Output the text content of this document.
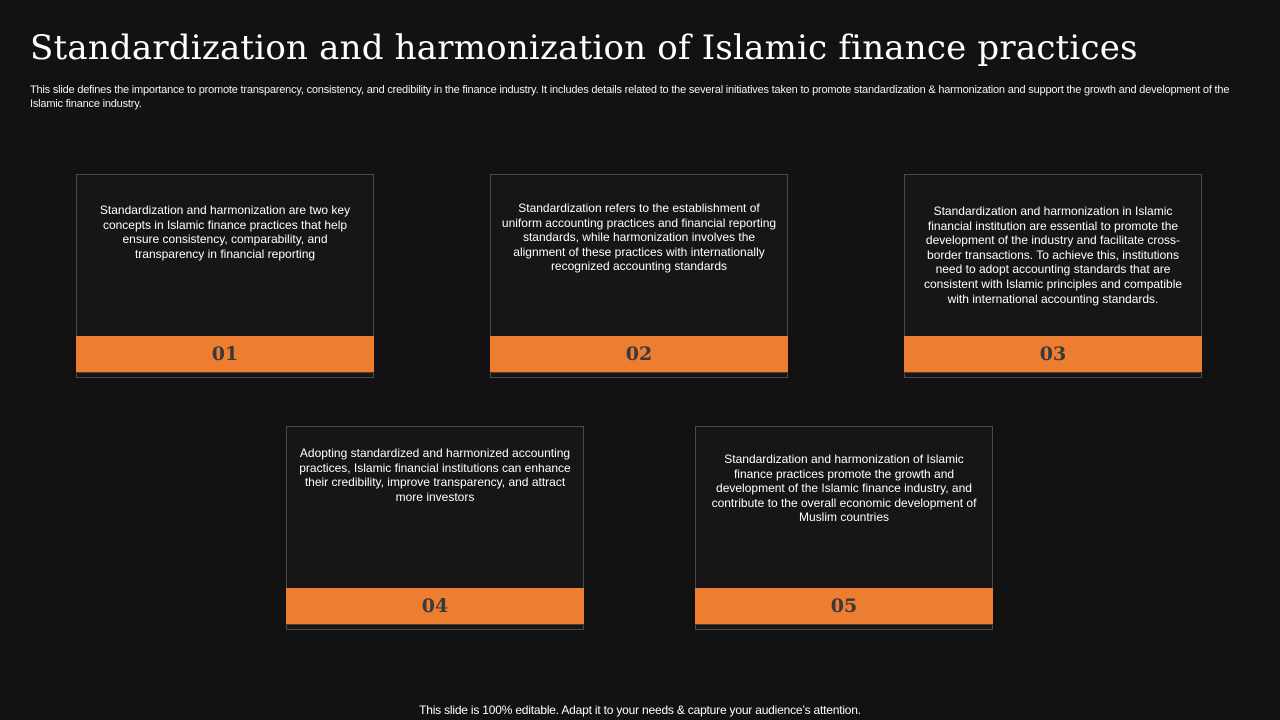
Standardization and harmonization of Islamic finance practices

This slide defines the importance to promote transparency, consistency, and credibility in the finance industry. It includes details related to the several initiatives taken to promote standardization & harmonization and support the growth and development of the Islamic finance industry.

Standardization and harmonization are two key concepts in Islamic finance practices that help ensure consistency, comparability, and transparency in financial reporting
01
Standardization refers to the establishment of uniform accounting practices and financial reporting standards, while harmonization involves the alignment of these practices with internationally recognized accounting standards
02
Standardization and harmonization in Islamic financial institution are essential to promote the development of the industry and facilitate cross-border transactions. To achieve this, institutions need to adopt accounting standards that are consistent with Islamic principles and compatible with international accounting standards.
03
Adopting standardized and harmonized accounting practices, Islamic financial institutions can enhance their credibility, improve transparency, and attract more investors
04
Standardization and harmonization of Islamic finance practices promote the growth and development of the Islamic finance industry, and contribute to the overall economic development of Muslim countries
05

This slide is 100% editable. Adapt it to your needs & capture your audience’s attention.
